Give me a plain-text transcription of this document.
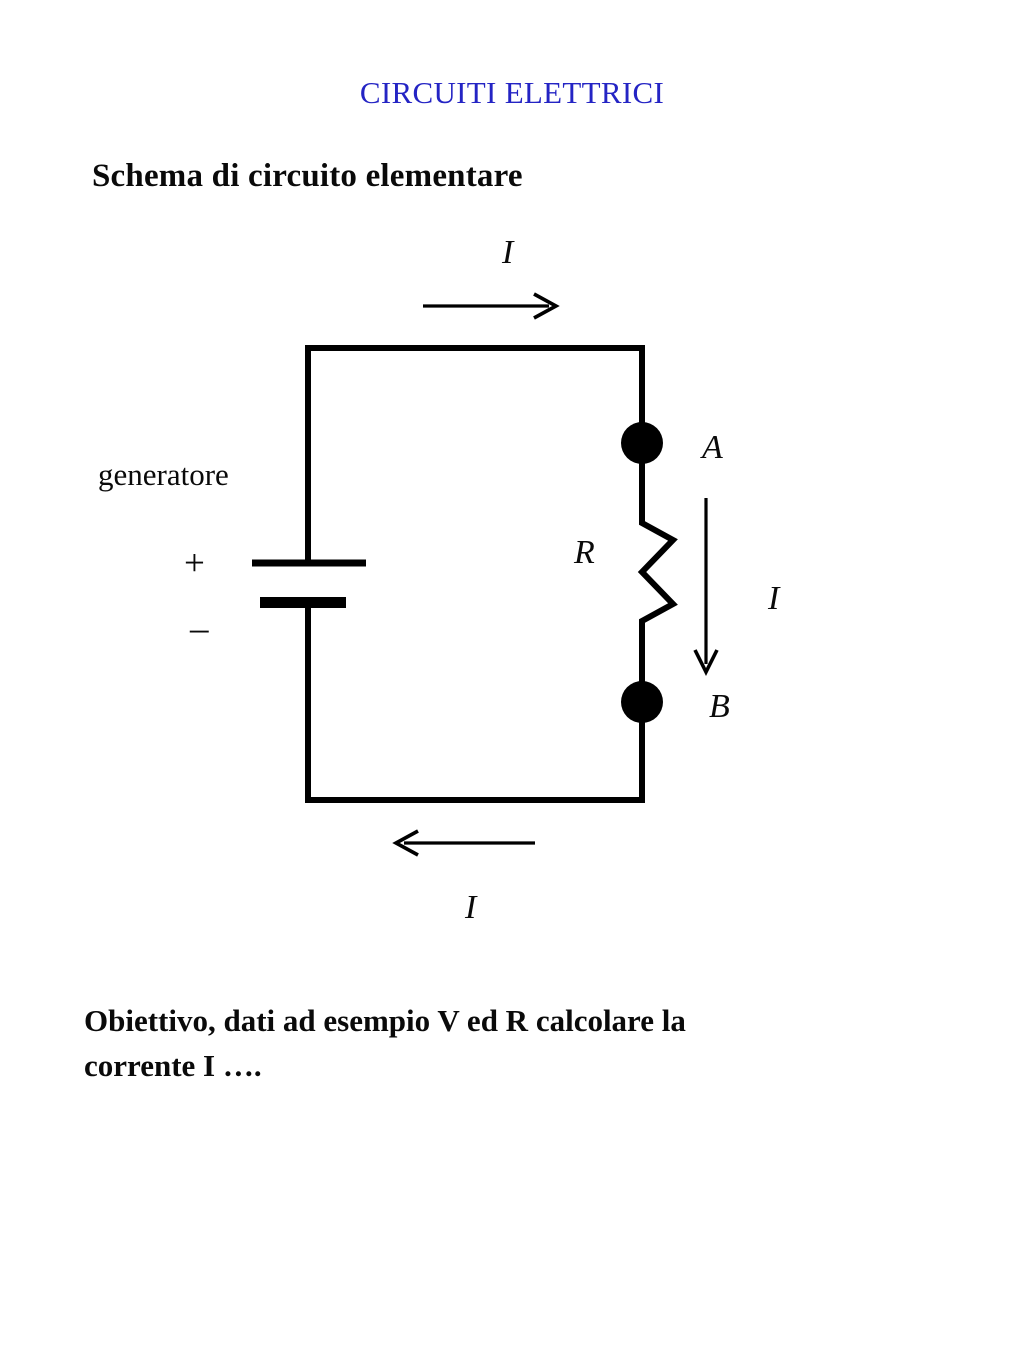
CIRCUITI ELETTRICI
Schema di circuito elementare
generatore
+
–
A
R
B
I
I
I
Obiettivo, dati ad esempio V ed R calcolare la
corrente I ….
